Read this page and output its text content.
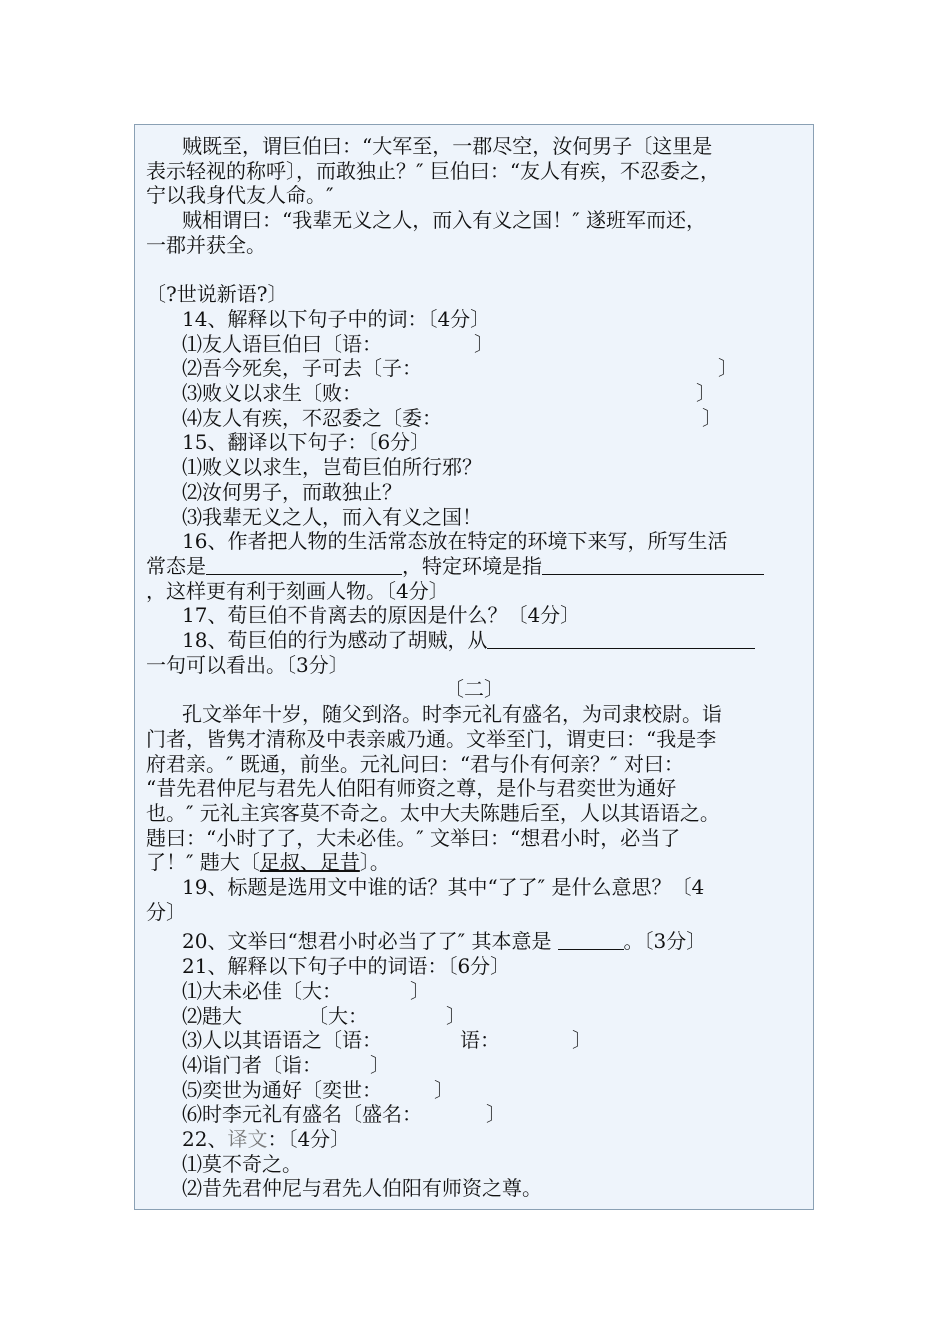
贼既至，谓巨伯曰：“大军至，一郡尽空，汝何男子〔这里是
表示轻视的称呼〕，而敢独止？″ 巨伯曰：“友人有疾，不忍委之，
宁以我身代友人命。″
贼相谓曰：“我辈无义之人，而入有义之国！″ 遂班军而还，
一郡并获全。
〔?世说新语?〕
14、解释以下句子中的词：〔4分〕
⑴友人语巨伯曰〔语：	〕
⑵吾今死矣，子可去〔子：	〕
⑶败义以求生〔败：	〕
⑷友人有疾，不忍委之〔委：	〕
15、翻译以下句子：〔6分〕
⑴败义以求生，岂荀巨伯所行邪？
⑵汝何男子，而敢独止？
⑶我辈无义之人，而入有义之国！
16、作者把人物的生活常态放在特定的环境下来写，所写生活
常态是	，特定环境是指
，这样更有利于刻画人物。〔4分〕
17、荀巨伯不肯离去的原因是什么？〔4分〕
18、荀巨伯的行为感动了胡贼，从
一句可以看出。〔3分〕
〔二〕
孔文举年十岁，随父到洛。时李元礼有盛名，为司隶校尉。诣
门者，皆隽才清称及中表亲戚乃通。文举至门，谓吏曰：“我是李
府君亲。″ 既通，前坐。元礼问曰：“君与仆有何亲？″ 对曰：
“昔先君仲尼与君先人伯阳有师资之尊，是仆与君奕世为通好
也。″ 元礼主宾客莫不奇之。太中大夫陈韪后至，人以其语语之。
韪曰：“小时了了，大未必佳。″ 文举曰：“想君小时，必当了
了！″ 韪大〔足叔、足昔〕。
19、标题是选用文中谁的话？其中“了了″ 是什么意思？〔4
分〕
20、文举曰“想君小时必当了了″ 其本意是	。〔3分〕
21、解释以下句子中的词语：〔6分〕
⑴大未必佳〔大：	〕
⑵韪大	〔大：	〕
⑶人以其语语之〔语：	语：	〕
⑷诣门者〔诣： 〕
⑸奕世为通好〔奕世：	〕
⑹时李元礼有盛名〔盛名：	〕
22、译文：〔4分〕
⑴莫不奇之。
⑵昔先君仲尼与君先人伯阳有师资之尊。
